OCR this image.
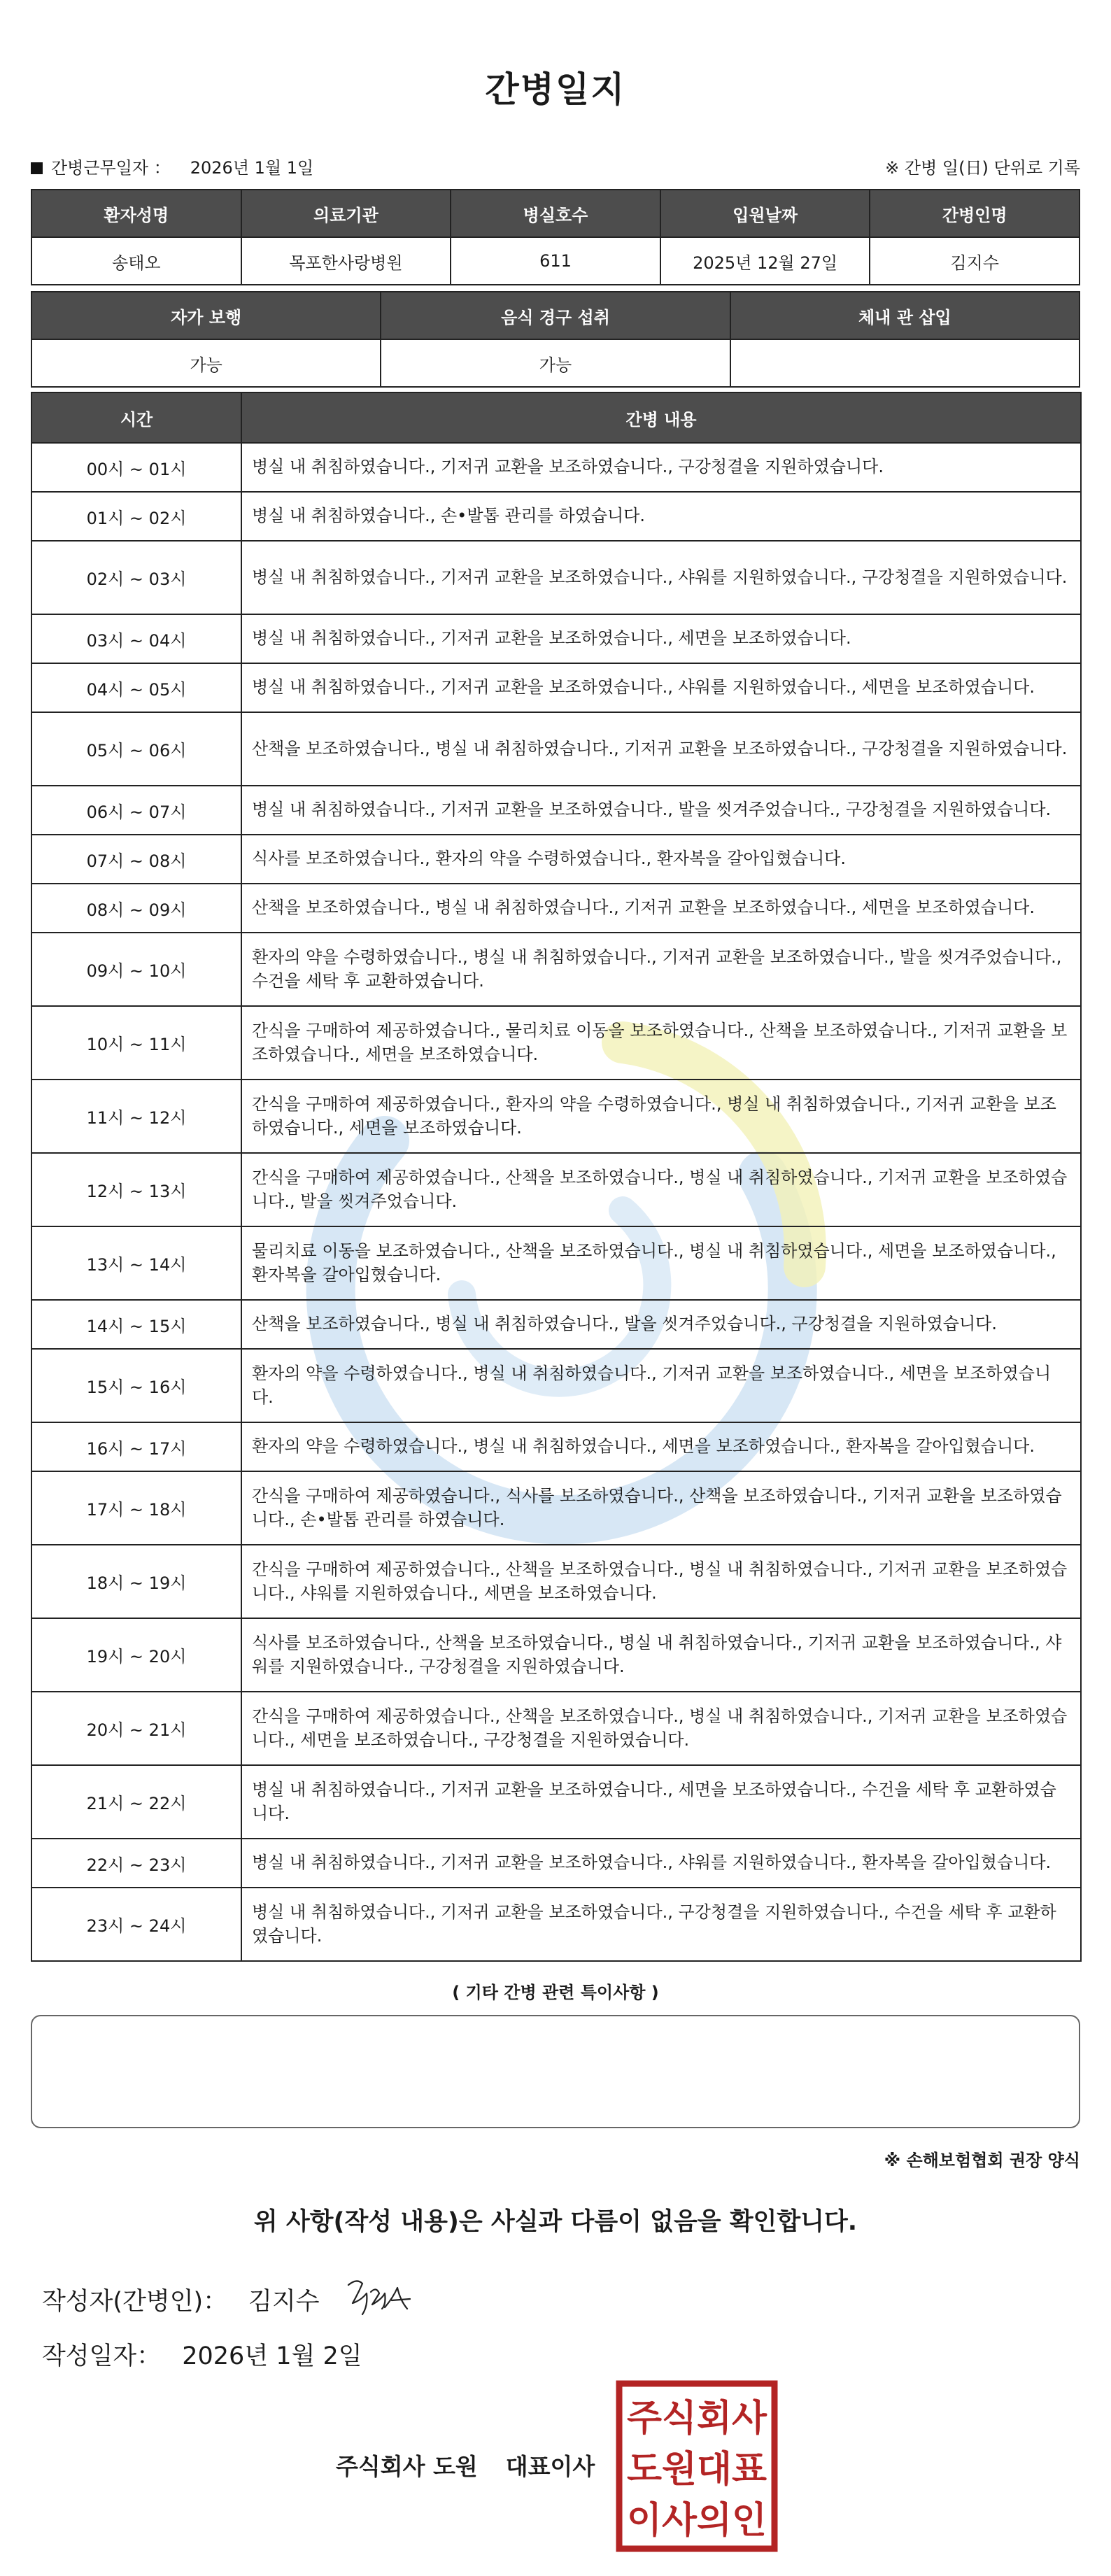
간병일지
간병근무일자 ： 2026년 1월 1일	※ 간병 일(日) 단위로 기록
환자성명	의료기관	병실호수	입원날짜	간병인명
송태오	목포한사랑병원	611	2025년 12월 27일	김지수
자가 보행	음식 경구 섭취	체내 관 삽입
가능	가능	
시간	간병 내용
00시 ~ 01시	병실 내 취침하였습니다., 기저귀 교환을 보조하였습니다., 구강청결을 지원하였습니다.
01시 ~ 02시	병실 내 취침하였습니다., 손•발톱 관리를 하였습니다.
02시 ~ 03시	병실 내 취침하였습니다., 기저귀 교환을 보조하였습니다., 샤워를 지원하였습니다., 구강청결을 지원하였습니다.
03시 ~ 04시	병실 내 취침하였습니다., 기저귀 교환을 보조하였습니다., 세면을 보조하였습니다.
04시 ~ 05시	병실 내 취침하였습니다., 기저귀 교환을 보조하였습니다., 샤워를 지원하였습니다., 세면을 보조하였습니다.
05시 ~ 06시	산책을 보조하였습니다., 병실 내 취침하였습니다., 기저귀 교환을 보조하였습니다., 구강청결을 지원하였습니다.
06시 ~ 07시	병실 내 취침하였습니다., 기저귀 교환을 보조하였습니다., 발을 씻겨주었습니다., 구강청결을 지원하였습니다.
07시 ~ 08시	식사를 보조하였습니다., 환자의 약을 수령하였습니다., 환자복을 갈아입혔습니다.
08시 ~ 09시	산책을 보조하였습니다., 병실 내 취침하였습니다., 기저귀 교환을 보조하였습니다., 세면을 보조하였습니다.
09시 ~ 10시	환자의 약을 수령하였습니다., 병실 내 취침하였습니다., 기저귀 교환을 보조하였습니다., 발을 씻겨주었습니다., 수건을 세탁 후 교환하였습니다.
10시 ~ 11시	간식을 구매하여 제공하였습니다., 물리치료 이동을 보조하였습니다., 산책을 보조하였습니다., 기저귀 교환을 보조하였습니다., 세면을 보조하였습니다.
11시 ~ 12시	간식을 구매하여 제공하였습니다., 환자의 약을 수령하였습니다., 병실 내 취침하였습니다., 기저귀 교환을 보조하였습니다., 세면을 보조하였습니다.
12시 ~ 13시	간식을 구매하여 제공하였습니다., 산책을 보조하였습니다., 병실 내 취침하였습니다., 기저귀 교환을 보조하였습니다., 발을 씻겨주었습니다.
13시 ~ 14시	물리치료 이동을 보조하였습니다., 산책을 보조하였습니다., 병실 내 취침하였습니다., 세면을 보조하였습니다., 환자복을 갈아입혔습니다.
14시 ~ 15시	산책을 보조하였습니다., 병실 내 취침하였습니다., 발을 씻겨주었습니다., 구강청결을 지원하였습니다.
15시 ~ 16시	환자의 약을 수령하였습니다., 병실 내 취침하였습니다., 기저귀 교환을 보조하였습니다., 세면을 보조하였습니다.
16시 ~ 17시	환자의 약을 수령하였습니다., 병실 내 취침하였습니다., 세면을 보조하였습니다., 환자복을 갈아입혔습니다.
17시 ~ 18시	간식을 구매하여 제공하였습니다., 식사를 보조하였습니다., 산책을 보조하였습니다., 기저귀 교환을 보조하였습니다., 손•발톱 관리를 하였습니다.
18시 ~ 19시	간식을 구매하여 제공하였습니다., 산책을 보조하였습니다., 병실 내 취침하였습니다., 기저귀 교환을 보조하였습니다., 샤워를 지원하였습니다., 세면을 보조하였습니다.
19시 ~ 20시	식사를 보조하였습니다., 산책을 보조하였습니다., 병실 내 취침하였습니다., 기저귀 교환을 보조하였습니다., 샤워를 지원하였습니다., 구강청결을 지원하였습니다.
20시 ~ 21시	간식을 구매하여 제공하였습니다., 산책을 보조하였습니다., 병실 내 취침하였습니다., 기저귀 교환을 보조하였습니다., 세면을 보조하였습니다., 구강청결을 지원하였습니다.
21시 ~ 22시	병실 내 취침하였습니다., 기저귀 교환을 보조하였습니다., 세면을 보조하였습니다., 수건을 세탁 후 교환하였습니다.
22시 ~ 23시	병실 내 취침하였습니다., 기저귀 교환을 보조하였습니다., 샤워를 지원하였습니다., 환자복을 갈아입혔습니다.
23시 ~ 24시	병실 내 취침하였습니다., 기저귀 교환을 보조하였습니다., 구강청결을 지원하였습니다., 수건을 세탁 후 교환하였습니다.
( 기타 간병 관련 특이사항 )
※ 손해보험협회 권장 양식
위 사항(작성 내용)은 사실과 다름이 없음을 확인합니다.
작성자(간병인)： 김지수
작성일자： 2026년 1월 2일
주식회사 도원 대표이사
주식회사
도원대표
이사의인
